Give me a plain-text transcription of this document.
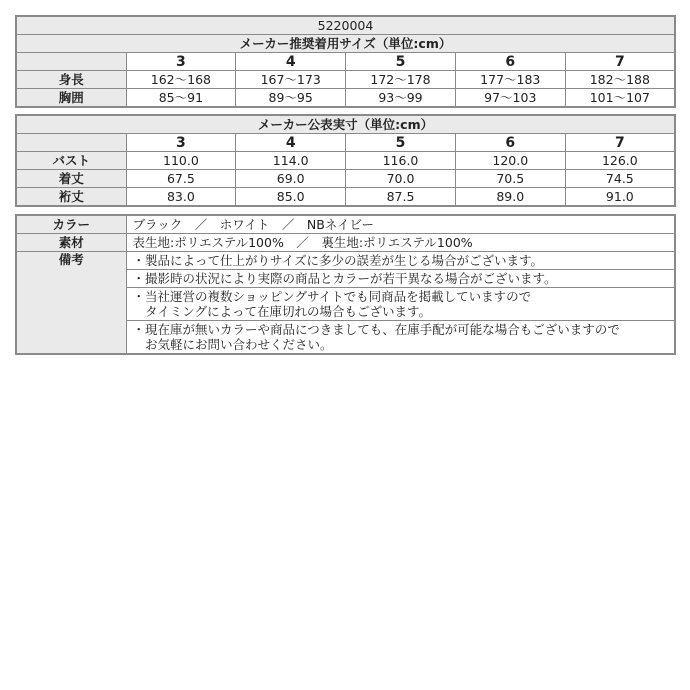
5220004					
メーカー推奨着用サイズ（単位:cm）					
	3	4	5	6	7
身長	162～168	167～173	172～178	177～183	182～188
胸囲	85～91	89～95	93～99	97～103	101～107
メーカー公表実寸（単位:cm）					
	3	4	5	6	7
バスト	110.0	114.0	116.0	120.0	126.0
着丈	67.5	69.0	70.0	70.5	74.5
裄丈	83.0	85.0	87.5	89.0	91.0
カラー	ブラック　／　ホワイト　／　NBネイビー
素材	表生地:ポリエステル100%　／　裏生地:ポリエステル100%
備考	・製品によって仕上がりサイズに多少の誤差が生じる場合がございます。

	・撮影時の状況により実際の商品とカラーが若干異なる場合がございます。

	・当社運営の複数ショッピングサイトでも同商品を掲載していますので
　タイミングによって在庫切れの場合もございます。

	・現在庫が無いカラーや商品につきましても、在庫手配が可能な場合もございますので
　お気軽にお問い合わせください。
